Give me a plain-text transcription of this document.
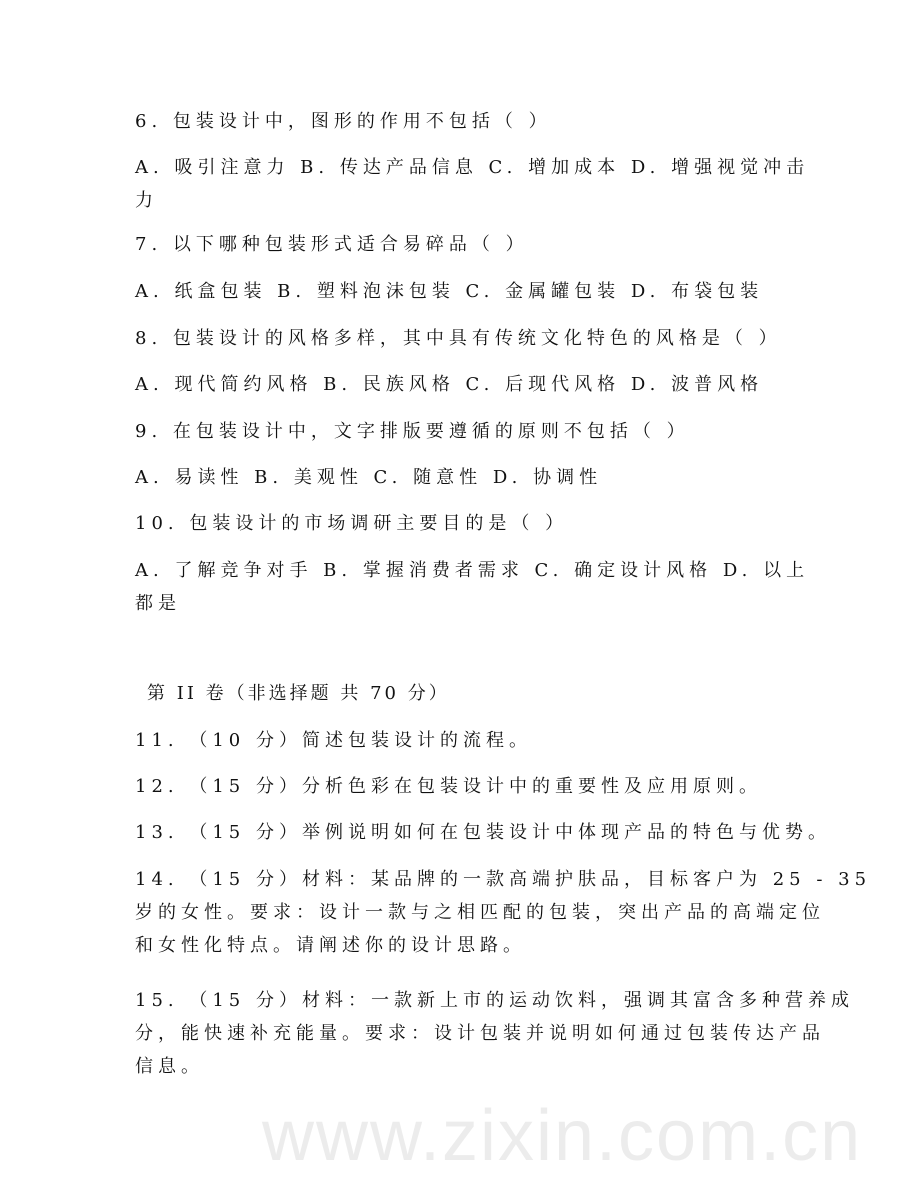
6. 包装设计中，图形的作用不包括（ ）
A. 吸引注意力 B. 传达产品信息 C. 增加成本 D. 增强视觉冲击
力
7. 以下哪种包装形式适合易碎品（ ）
A. 纸盒包装 B. 塑料泡沫包装 C. 金属罐包装 D. 布袋包装
8. 包装设计的风格多样，其中具有传统文化特色的风格是（ ）
A. 现代简约风格 B. 民族风格 C. 后现代风格 D. 波普风格
9. 在包装设计中，文字排版要遵循的原则不包括（ ）
A. 易读性 B. 美观性 C. 随意性 D. 协调性
10. 包装设计的市场调研主要目的是（ ）
A. 了解竞争对手 B. 掌握消费者需求 C. 确定设计风格 D. 以上
都是
第 II 卷（非选择题 共 70 分）
11. （10 分）简述包装设计的流程。
12. （15 分）分析色彩在包装设计中的重要性及应用原则。
13. （15 分）举例说明如何在包装设计中体现产品的特色与优势。
14. （15 分）材料：某品牌的一款高端护肤品，目标客户为 25 - 35
岁的女性。要求：设计一款与之相匹配的包装，突出产品的高端定位
和女性化特点。请阐述你的设计思路。
15. （15 分）材料：一款新上市的运动饮料，强调其富含多种营养成
分，能快速补充能量。要求：设计包装并说明如何通过包装传达产品
信息。
www.zixin.com.cn
